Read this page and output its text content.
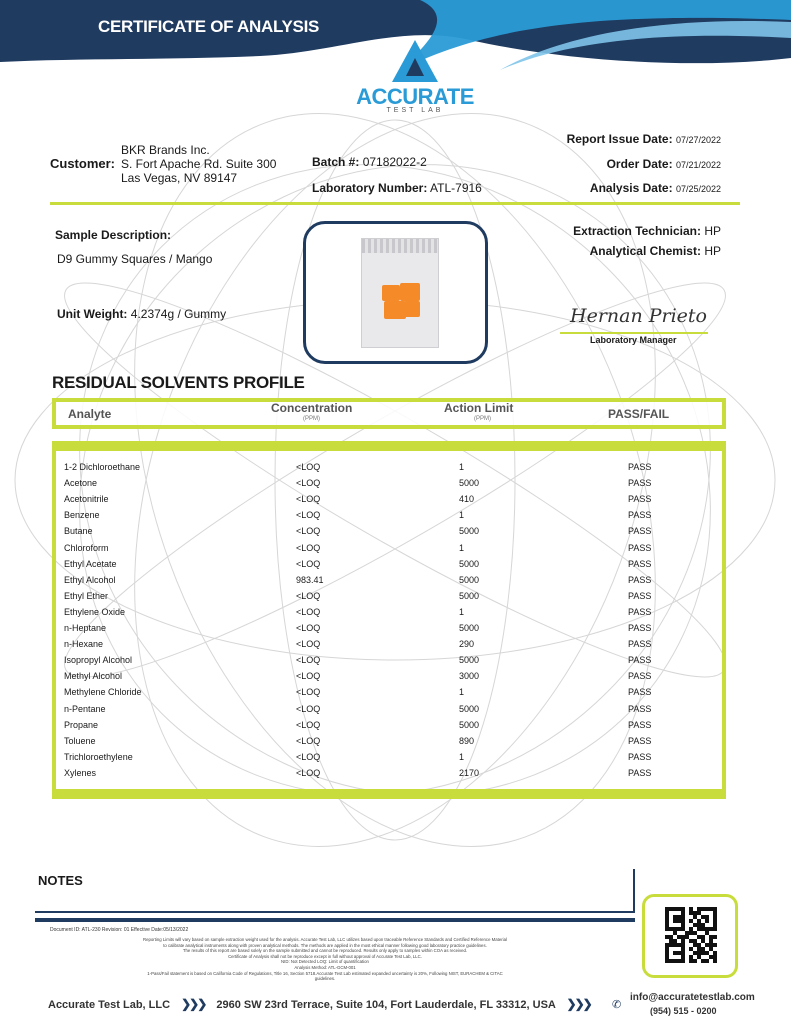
CERTIFICATE OF ANALYSIS
ACCURATE
TEST LAB
Customer:
BKR Brands Inc.
S. Fort Apache Rd. Suite 300
Las Vegas, NV 89147
Batch #: 07182022-2
Laboratory Number: ATL-7916
Report Issue Date: 07/27/2022
Order Date: 07/21/2022
Analysis Date: 07/25/2022
Sample Description:
D9 Gummy Squares / Mango
Unit Weight: 4.2374g / Gummy
Extraction Technician: HP
Analytical Chemist: HP
Hernan Prieto
Laboratory Manager
RESIDUAL SOLVENTS PROFILE
Analyte	Concentration
(PPM)
Action Limit
(PPM)	PASS/FAIL
1-2 Dichloroethane	<LOQ	1	PASS
Acetone	<LOQ	5000	PASS
Acetonitrile	<LOQ	410	PASS
Benzene	<LOQ	1	PASS
Butane	<LOQ	5000	PASS
Chloroform	<LOQ	1	PASS
Ethyl Acetate	<LOQ	5000	PASS
Ethyl Alcohol	983.41	5000	PASS
Ethyl Ether	<LOQ	5000	PASS
Ethylene Oxide	<LOQ	1	PASS
n-Heptane	<LOQ	5000	PASS
n-Hexane	<LOQ	290	PASS
Isopropyl Alcohol	<LOQ	5000	PASS
Methyl Alcohol	<LOQ	3000	PASS
Methylene Chloride	<LOQ	1	PASS
n-Pentane	<LOQ	5000	PASS
Propane	<LOQ	5000	PASS
Toluene	<LOQ	890	PASS
Trichloroethylene	<LOQ	1	PASS
Xylenes	<LOQ	2170	PASS
NOTES
Document ID: ATL-230 Revision: 01 Effective Date:05/13/2022
Reporting Limits will vary based on sample extraction weight used for the analysis. Accurate Test Lab, LLC utilizes based upon traceable Reference Standards and Certified Reference Material
to calibrate analytical instruments along with proven analytical methods. The methods are applied in the most ethical manner following good laboratory practice guidelines.
The results of this report are based solely on the sample submitted and cannot be reproduced. Results only apply to samples within COA as received.
Certificate of Analysis shall not be reproduce except in full without approval of Accurate Test Lab, LLC.
NID: Not Detected LOQ: Limit of quantification
Analysis Method: ATL-GCM-001
1-Pass/Fail statement is based on California Code of Regulations, Title 16, Section 5718.Accurate Test Lab estimated expanded uncertainty is 20%, Following NIST, EURACHEM & CITAC
guidelines.
Accurate Test Lab, LLC ❯❯❯ 2960 SW 23rd Terrace, Suite 104, Fort Lauderdale, FL 33312, USA ❯❯❯	✆
info@accuratetestlab.com
(954) 515 - 0200
